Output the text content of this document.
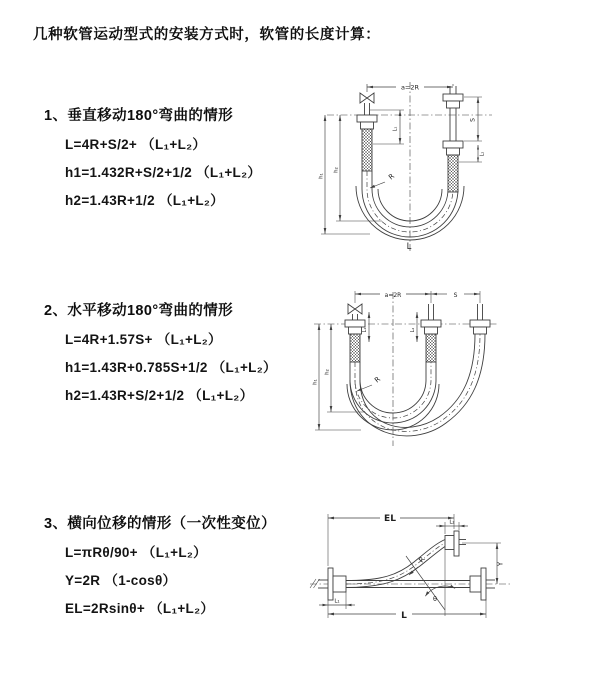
几种软管运动型式的安装方式时，软管的长度计算：
1、垂直移动180°弯曲的情形
L=4R+S/2+ （L₁+L₂）
h1=1.432R+S/2+1/2 （L₁+L₂）
h2=1.43R+1/2 （L₁+L₂）
2、水平移动180°弯曲的情形
L=4R+1.57S+ （L₁+L₂）
h1=1.43R+0.785S+1/2 （L₁+L₂）
h2=1.43R+S/2+1/2 （L₁+L₂）
3、横向位移的情形（一次性变位）
L=πRθ/90+ （L₁+L₂）
Y=2R （1-cosθ）
EL=2Rsinθ+ （L₁+L₂）
a=2R
h₁
h₂
L₁
S
L₂
R
L
a=2R	S
L₁	L₂
h₁
h₂
R
EL	L₂
Y
L
L₁	θ
R
